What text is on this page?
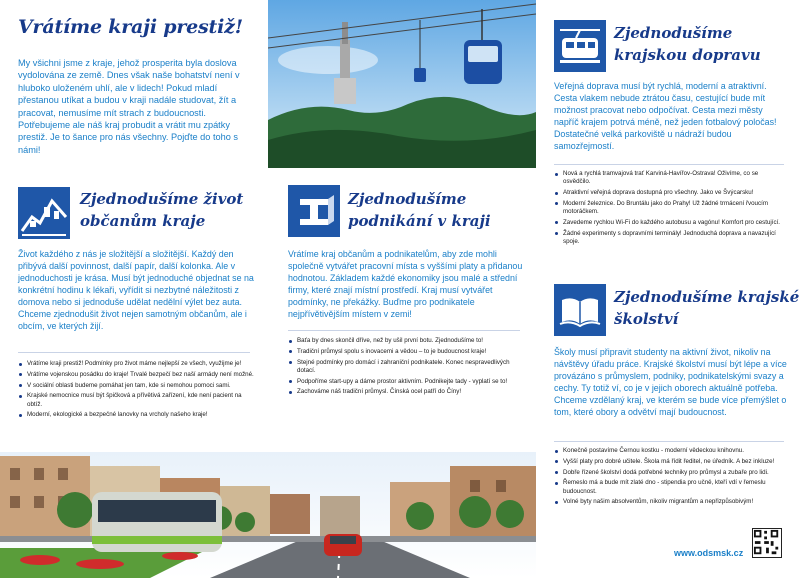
Vrátíme kraji prestiž!

My všichni jsme z kraje, jehož prosperita byla doslova vydolována ze země. Dnes však naše bohatství není v hluboko uloženém uhlí, ale v lidech! Pokud mladí přestanou utíkat a budou v kraji nadále studovat, žít a pracovat, nemusíme mít strach z budoucnosti. Potřebujeme ale náš kraj probudit a vrátit mu zpátky prestiž. Je to šance pro nás všechny. Pojďte do toho s námi!

Zjednodušíme život
občanům kraje

Život každého z nás je složitější a složitější. Každý den přibývá další povinnost, další papír, další kolonka. Ale v jednoduchosti je krása. Musí být jednoduché objednat se na konkrétní hodinu k lékaři, vyřídit si nezbytné náležitosti z domova nebo si jednoduše udělat nedělní výlet bez auta. Chceme zjednodušit život nejen samotným občanům, ale i obcím, ve kterých žijí.

Vrátíme kraji prestiž! Podmínky pro život máme nejlepší ze všech, využijme je!
Vrátíme vojenskou posádku do kraje! Trvalé bezpečí bez naší armády není možné.
V sociální oblasti budeme pomáhat jen tam, kde si nemohou pomoci sami.
Krajské nemocnice musí být špičková a přívětivá zařízení, kde není pacient na obtíž.
Moderní, ekologické a bezpečné lanovky na vrcholy našeho kraje!
Zjednodušíme
podnikání v kraji

Vrátíme kraj občanům a podnikatelům, aby zde mohli společně vytvářet pracovní místa s vyššími platy a přidanou hodnotou. Základem každé ekonomiky jsou malé a střední firmy, které znají místní prostředí. Kraj musí vytvářet podmínky, ne překážky. Buďme pro podnikatele nejpřívětivějším místem v zemi!

Baťa by dnes skončil dříve, než by ušil první botu. Zjednodušíme to!
Tradiční průmysl spolu s inovacemi a vědou – to je budoucnost kraje!
Stejné podmínky pro domácí i zahraniční podnikatele. Konec nespravedlivých dotací.
Podpoříme start-upy a dáme prostor aktivním. Podnikejte tady - vyplatí se to!
Zachováme náš tradiční průmysl. Čínská ocel patří do Číny!
Zjednodušíme
krajskou dopravu

Veřejná doprava musí být rychlá, moderní a atraktivní. Cesta vlakem nebude ztrátou času, cestující bude mít možnost pracovat nebo odpočívat. Cesta mezi městy napříč krajem potrvá méně, než jeden fotbalový poločas! Dostatečné velká parkoviště u nádraží budou samozřejmostí.

Nová a rychlá tramvajová trať Karviná-Havířov-Ostrava! Oživíme, co se osvědčilo.
Atraktivní veřejná doprava dostupná pro všechny. Jako ve Švýcarsku!
Moderní železnice. Do Bruntálu jako do Prahy! Už žádné trmácení řvoucím motoráčkem.
Zavedeme rychlou Wi-Fi do každého autobusu a vagónu! Komfort pro cestující.
Žádné experimenty s dopravními terminály! Jednoduchá doprava a navazující spoje.
Zjednodušíme krajské
školství

Školy musí připravit studenty na aktivní život, nikoliv na návštěvy úřadu práce. Krajské školství musí být lépe a více provázáno s průmyslem, podniky, podnikatelskými svazy a cechy. Ty totiž ví, co je v jejich oborech aktuálně potřeba. Chceme vzdělaný kraj, ve kterém se bude více přemýšlet o tom, které obory a odvětví mají budoucnost.

Konečně postavíme Černou kostku - moderní vědeckou knihovnu.
Vyšší platy pro dobré učitele. Škola má řídit ředitel, ne úředník. A bez inkluze!
Dobře řízené školství dodá potřebné techniky pro průmysl a zubaře pro lidi.
Řemeslo má a bude mít zlaté dno - stipendia pro učně, kteří vdí v řemeslu budoucnost.
Volné byty našim absolventům, nikoliv migrantům a nepřizpůsobivým!
www.odsmsk.cz
